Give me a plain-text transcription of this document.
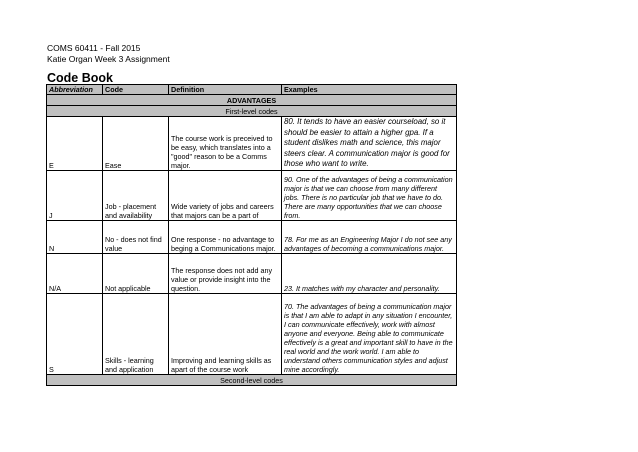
COMS 60411 - Fall 2015
Katie Organ Week 3 Assignment
Code Book
Abbreviation	Code	Definition	Examples
ADVANTAGES			
First-level codes			
E	Ease	The course work is preceived to be easy, which translates into a "good" reason to be a Comms major.	80. It tends to have an easier courseload, so it should be easier to attain a higher gpa. If a student dislikes math and science, this major steers clear. A communication major is good for those who want to write.
J	Job - placement and availability	Wide variety of jobs and careers that majors can be a part of	90. One of the advantages of being a communication major is that we can choose from many different jobs. There is no particular job that we have to do. There are many opportunities that we can choose from.
N	No - does not find value	One response - no advantage to beging a Communications major.	78. For me as an Engineering Major I do not see any advantages of becoming a communications major.
N/A	Not applicable	The response does not add any value or provide insight into the question.	23. It matches with my character and personality.
S	Skills - learning and application	Improving and learning skills as apart of the course work	70. The advantages of being a communication major is that I am able to adapt in any situation I encounter, I can communicate effectively, work with almost anyone and everyone. Being able to communicate effectively is a great and important skill to have in the real world and the work world. I am able to understand others communication styles and adjust mine accordingly.
Second-level codes			
